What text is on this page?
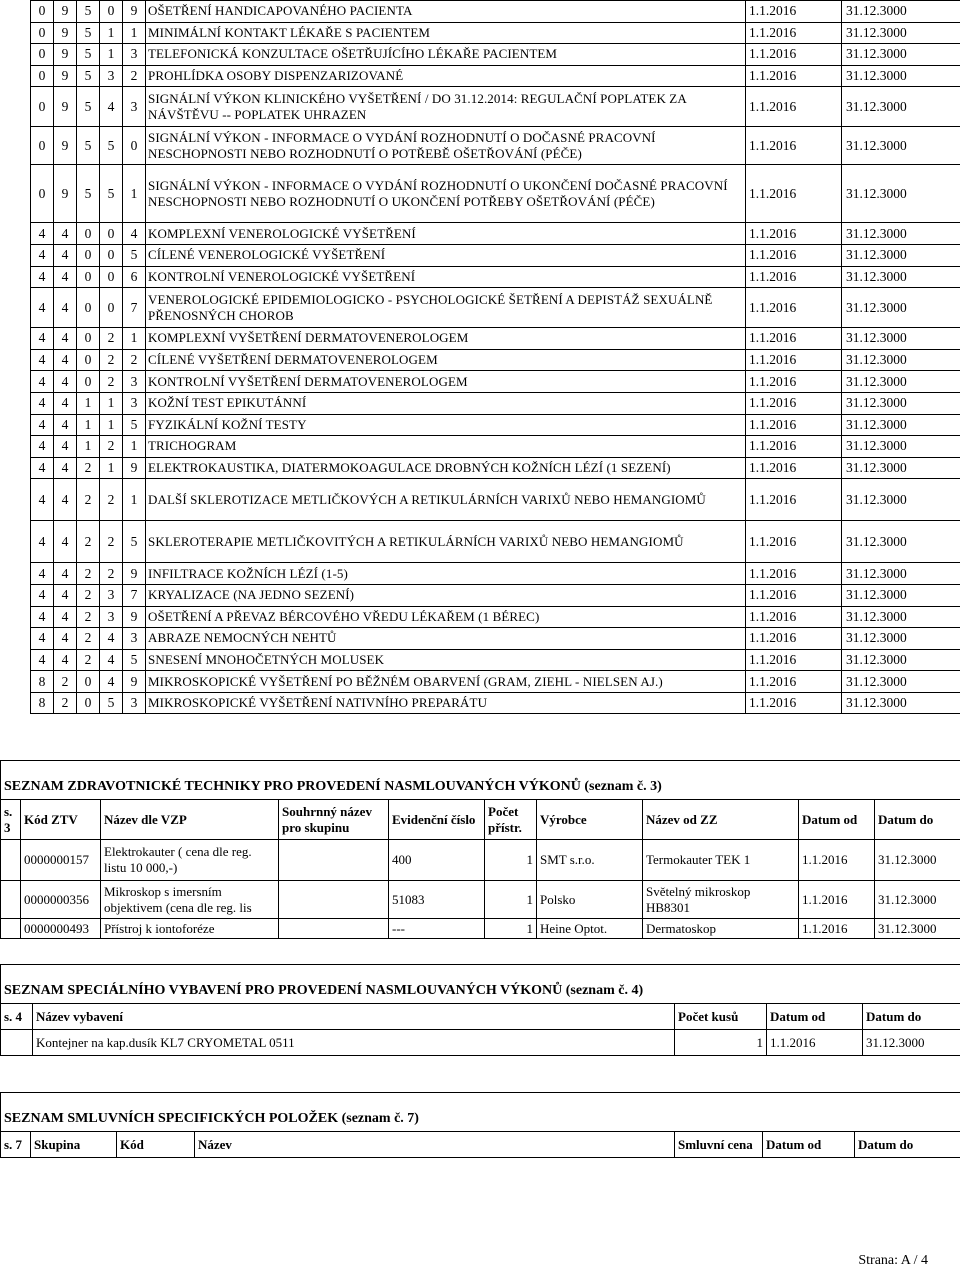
0	9	5	0	9	OŠETŘENÍ HANDICAPOVANÉHO PACIENTA	1.1.2016	31.12.3000
0	9	5	1	1	MINIMÁLNÍ KONTAKT LÉKAŘE S PACIENTEM	1.1.2016	31.12.3000
0	9	5	1	3	TELEFONICKÁ KONZULTACE OŠETŘUJÍCÍHO LÉKAŘE PACIENTEM	1.1.2016	31.12.3000
0	9	5	3	2	PROHLÍDKA OSOBY DISPENZARIZOVANÉ	1.1.2016	31.12.3000
0	9	5	4	3	SIGNÁLNÍ VÝKON KLINICKÉHO VYŠETŘENÍ / DO 31.12.2014: REGULAČNÍ POPLATEK ZA NÁVŠTĚVU -- POPLATEK UHRAZEN	1.1.2016	31.12.3000
0	9	5	5	0	SIGNÁLNÍ VÝKON - INFORMACE O VYDÁNÍ ROZHODNUTÍ O DOČASNÉ PRACOVNÍ NESCHOPNOSTI NEBO ROZHODNUTÍ O POTŘEBĚ OŠETŘOVÁNÍ (PÉČE)	1.1.2016	31.12.3000
0	9	5	5	1	SIGNÁLNÍ VÝKON - INFORMACE O VYDÁNÍ ROZHODNUTÍ O UKONČENÍ DOČASNÉ PRACOVNÍ NESCHOPNOSTI NEBO ROZHODNUTÍ O UKONČENÍ POTŘEBY OŠETŘOVÁNÍ (PÉČE)	1.1.2016	31.12.3000
4	4	0	0	4	KOMPLEXNÍ VENEROLOGICKÉ VYŠETŘENÍ	1.1.2016	31.12.3000
4	4	0	0	5	CÍLENÉ VENEROLOGICKÉ VYŠETŘENÍ	1.1.2016	31.12.3000
4	4	0	0	6	KONTROLNÍ VENEROLOGICKÉ VYŠETŘENÍ	1.1.2016	31.12.3000
4	4	0	0	7	VENEROLOGICKÉ EPIDEMIOLOGICKO - PSYCHOLOGICKÉ ŠETŘENÍ A DEPISTÁŽ SEXUÁLNĚ PŘENOSNÝCH CHOROB	1.1.2016	31.12.3000
4	4	0	2	1	KOMPLEXNÍ VYŠETŘENÍ DERMATOVENEROLOGEM	1.1.2016	31.12.3000
4	4	0	2	2	CÍLENÉ VYŠETŘENÍ DERMATOVENEROLOGEM	1.1.2016	31.12.3000
4	4	0	2	3	KONTROLNÍ VYŠETŘENÍ DERMATOVENEROLOGEM	1.1.2016	31.12.3000
4	4	1	1	3	KOŽNÍ TEST EPIKUTÁNNÍ	1.1.2016	31.12.3000
4	4	1	1	5	FYZIKÁLNÍ KOŽNÍ TESTY	1.1.2016	31.12.3000
4	4	1	2	1	TRICHOGRAM	1.1.2016	31.12.3000
4	4	2	1	9	ELEKTROKAUSTIKA, DIATERMOKOAGULACE DROBNÝCH KOŽNÍCH LÉZÍ (1 SEZENÍ)	1.1.2016	31.12.3000
4	4	2	2	1	DALŠÍ SKLEROTIZACE METLIČKOVÝCH A RETIKULÁRNÍCH VARIXŮ NEBO HEMANGIOMŮ	1.1.2016	31.12.3000
4	4	2	2	5	SKLEROTERAPIE METLIČKOVITÝCH A RETIKULÁRNÍCH VARIXŮ NEBO HEMANGIOMŮ	1.1.2016	31.12.3000
4	4	2	2	9	INFILTRACE KOŽNÍCH LÉZÍ (1-5)	1.1.2016	31.12.3000
4	4	2	3	7	KRYALIZACE (NA JEDNO SEZENÍ)	1.1.2016	31.12.3000
4	4	2	3	9	OŠETŘENÍ A PŘEVAZ BÉRCOVÉHO VŘEDU LÉKAŘEM (1 BÉREC)	1.1.2016	31.12.3000
4	4	2	4	3	ABRAZE NEMOCNÝCH NEHTŮ	1.1.2016	31.12.3000
4	4	2	4	5	SNESENÍ MNOHOČETNÝCH MOLUSEK	1.1.2016	31.12.3000
8	2	0	4	9	MIKROSKOPICKÉ VYŠETŘENÍ PO BĚŽNÉM OBARVENÍ (GRAM, ZIEHL - NIELSEN AJ.)	1.1.2016	31.12.3000
8	2	0	5	3	MIKROSKOPICKÉ VYŠETŘENÍ NATIVNÍHO PREPARÁTU	1.1.2016	31.12.3000
SEZNAM ZDRAVOTNICKÉ TECHNIKY PRO PROVEDENÍ NASMLOUVANÝCH VÝKONŮ (seznam č. 3)									
s. 3	Kód ZTV	Název dle VZP	Souhrnný název pro skupinu	Evidenční číslo	Počet přístr.	Výrobce	Název od ZZ	Datum od	Datum do
	0000000157	Elektrokauter ( cena dle reg. listu 10 000,-)		400	1	SMT s.r.o.	Termokauter TEK 1	1.1.2016	31.12.3000
	0000000356	Mikroskop s imersním objektivem (cena dle reg. lis		51083	1	Polsko	Světelný mikroskop HB8301	1.1.2016	31.12.3000
	0000000493	Přístroj k iontoforéze		---	1	Heine Optot.	Dermatoskop	1.1.2016	31.12.3000
SEZNAM SPECIÁLNÍHO VYBAVENÍ PRO PROVEDENÍ NASMLOUVANÝCH VÝKONŮ (seznam č. 4)				
s. 4	Název vybavení	Počet kusů	Datum od	Datum do
	Kontejner na kap.dusík KL7 CRYOMETAL 0511	1	1.1.2016	31.12.3000
SEZNAM SMLUVNÍCH SPECIFICKÝCH POLOŽEK (seznam č. 7)
s. 7	Skupina	Kód	Název	Smluvní cena	Datum od	Datum do
Strana: A / 4
